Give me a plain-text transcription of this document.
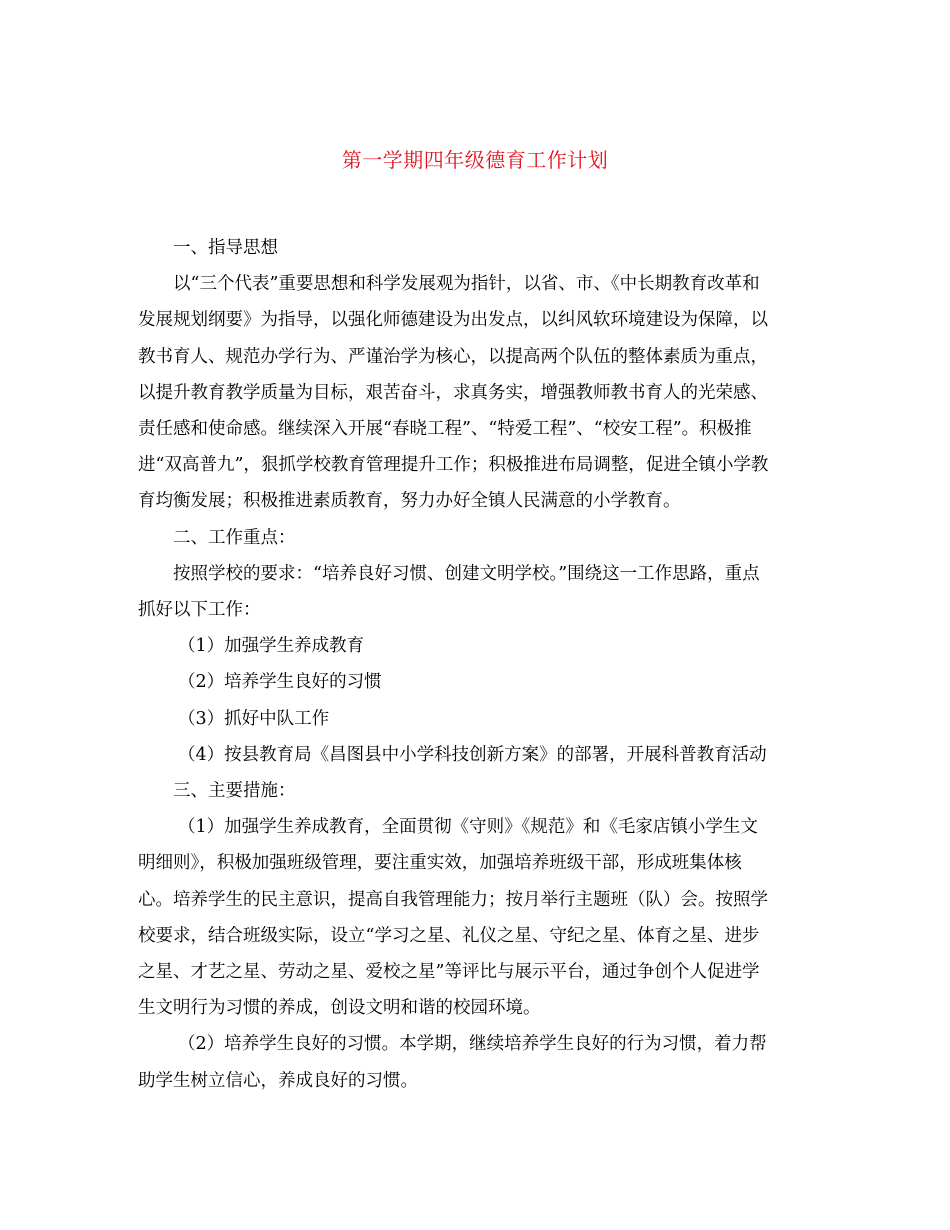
第一学期四年级德育工作计划

一、指导思想

以“三个代表”重要思想和科学发展观为指针，以省、市、《中长期教育改革和
发展规划纲要》为指导，以强化师德建设为出发点，以纠风软环境建设为保障，以
教书育人、规范办学行为、严谨治学为核心，以提高两个队伍的整体素质为重点，
以提升教育教学质量为目标，艰苦奋斗，求真务实，增强教师教书育人的光荣感、
责任感和使命感。继续深入开展“春晓工程”、“特爱工程”、“校安工程”。积极推
进“双高普九”，狠抓学校教育管理提升工作；积极推进布局调整，促进全镇小学教
育均衡发展；积极推进素质教育，努力办好全镇人民满意的小学教育。

二、工作重点：

按照学校的要求：“培养良好习惯、创建文明学校。”围绕这一工作思路，重点
抓好以下工作：

（1）加强学生养成教育

（2）培养学生良好的习惯

（3）抓好中队工作

（4）按县教育局《昌图县中小学科技创新方案》的部署，开展科普教育活动

三、主要措施：

（1）加强学生养成教育，全面贯彻《守则》《规范》和《毛家店镇小学生文
明细则》，积极加强班级管理，要注重实效，加强培养班级干部，形成班集体核
心。培养学生的民主意识，提高自我管理能力；按月举行主题班（队）会。按照学
校要求，结合班级实际，设立“学习之星、礼仪之星、守纪之星、体育之星、进步
之星、才艺之星、劳动之星、爱校之星”等评比与展示平台，通过争创个人促进学
生文明行为习惯的养成，创设文明和谐的校园环境。

（2）培养学生良好的习惯。本学期，继续培养学生良好的行为习惯，着力帮
助学生树立信心，养成良好的习惯。
